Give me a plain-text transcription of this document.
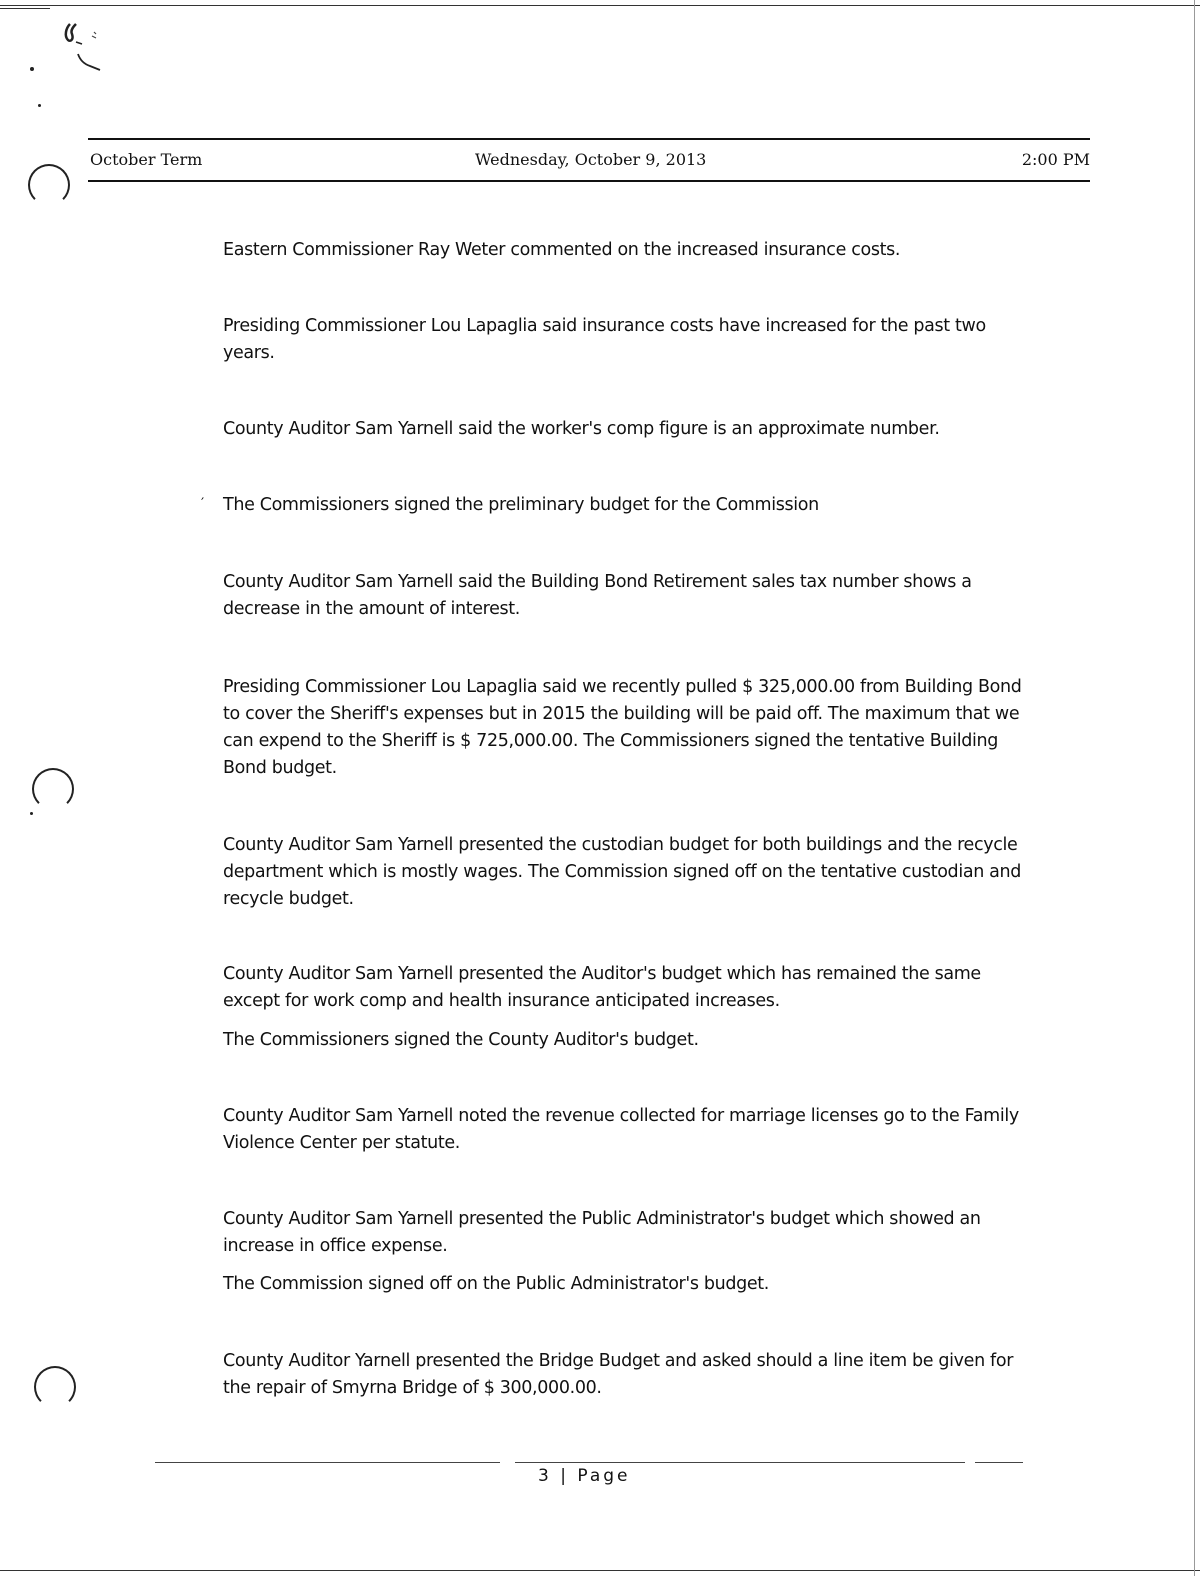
October Term	Wednesday, October 9, 2013	2:00 PM
Eastern Commissioner Ray Weter commented on the increased insurance costs.
Presiding Commissioner Lou Lapaglia said insurance costs have increased for the past two years.
County Auditor Sam Yarnell said the worker's comp figure is an approximate number.
′ The Commissioners signed the preliminary budget for the Commission
County Auditor Sam Yarnell said the Building Bond Retirement sales tax number shows a decrease in the amount of interest.
Presiding Commissioner Lou Lapaglia said we recently pulled $ 325,000.00 from Building Bond to cover the Sheriff's expenses but in 2015 the building will be paid off. The maximum that we can expend to the Sheriff is $ 725,000.00. The Commissioners signed the tentative Building Bond budget.
County Auditor Sam Yarnell presented the custodian budget for both buildings and the recycle department which is mostly wages. The Commission signed off on the tentative custodian and recycle budget.
County Auditor Sam Yarnell presented the Auditor's budget which has remained the same except for work comp and health insurance anticipated increases.
The Commissioners signed the County Auditor's budget.
County Auditor Sam Yarnell noted the revenue collected for marriage licenses go to the Family Violence Center per statute.
County Auditor Sam Yarnell presented the Public Administrator's budget which showed an increase in office expense.
The Commission signed off on the Public Administrator's budget.
County Auditor Yarnell presented the Bridge Budget and asked should a line item be given for the repair of Smyrna Bridge of $ 300,000.00.
3 | Page
